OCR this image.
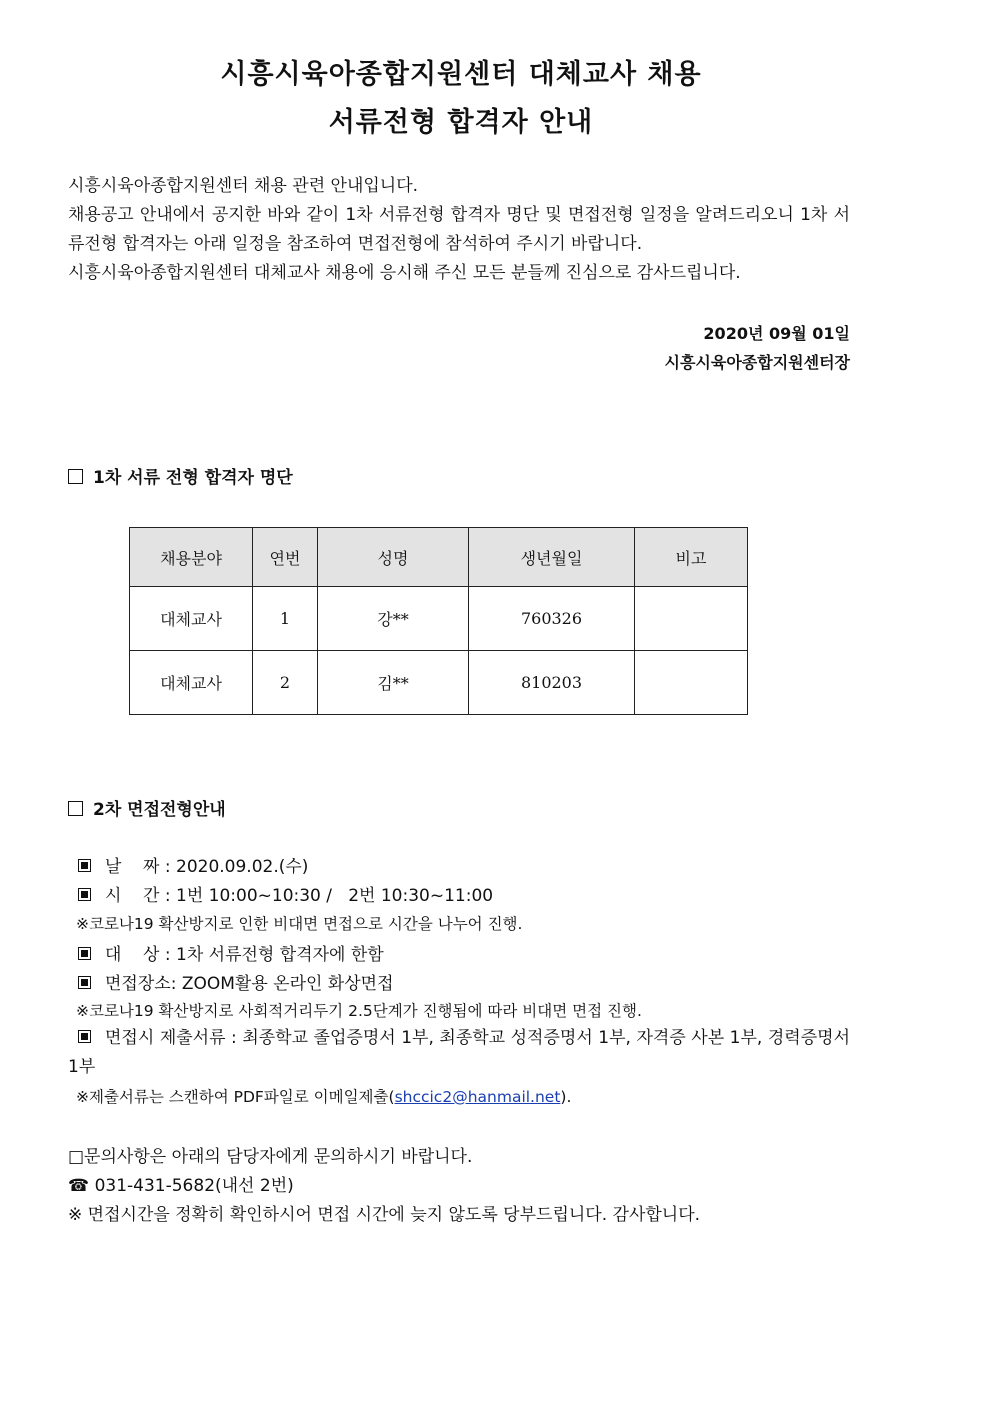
시흥시육아종합지원센터 대체교사 채용
서류전형 합격자 안내

시흥시육아종합지원센터 채용 관련 안내입니다.

채용공고 안내에서 공지한 바와 같이 1차 서류전형 합격자 명단 및 면접전형 일정을 알려드리오니 1차 서류전형 합격자는 아래 일정을 참조하여 면접전형에 참석하여 주시기 바랍니다.

시흥시육아종합지원센터 대체교사 채용에 응시해 주신 모든 분들께 진심으로 감사드립니다.

2020년 09월 01일
시흥시육아종합지원센터장
1차 서류 전형 합격자 명단
채용분야	연번	성명	생년월일	비고
대체교사	1	강**	760326	
대체교사	2	김**	810203	
2차 면접전형안내
날    짜 : 2020.09.02.(수)
시    간 : 1번 10:00~10:30 /   2번 10:30~11:00
※코로나19 확산방지로 인한 비대면 면접으로 시간을 나누어 진행.
대    상 : 1차 서류전형 합격자에 한함
면접장소: ZOOM활용 온라인 화상면접
※코로나19 확산방지로 사회적거리두기 2.5단계가 진행됨에 따라 비대면 면접 진행.
면접시 제출서류 : 최종학교 졸업증명서 1부, 최종학교 성적증명서 1부, 자격증 사본 1부, 경력증명서 1부
※제출서류는 스캔하여 PDF파일로 이메일제출(shccic2@hanmail.net).
□문의사항은 아래의 담당자에게 문의하시기 바랍니다.
☎ 031-431-5682(내선 2번)
※ 면접시간을 정확히 확인하시어 면접 시간에 늦지 않도록 당부드립니다. 감사합니다.
